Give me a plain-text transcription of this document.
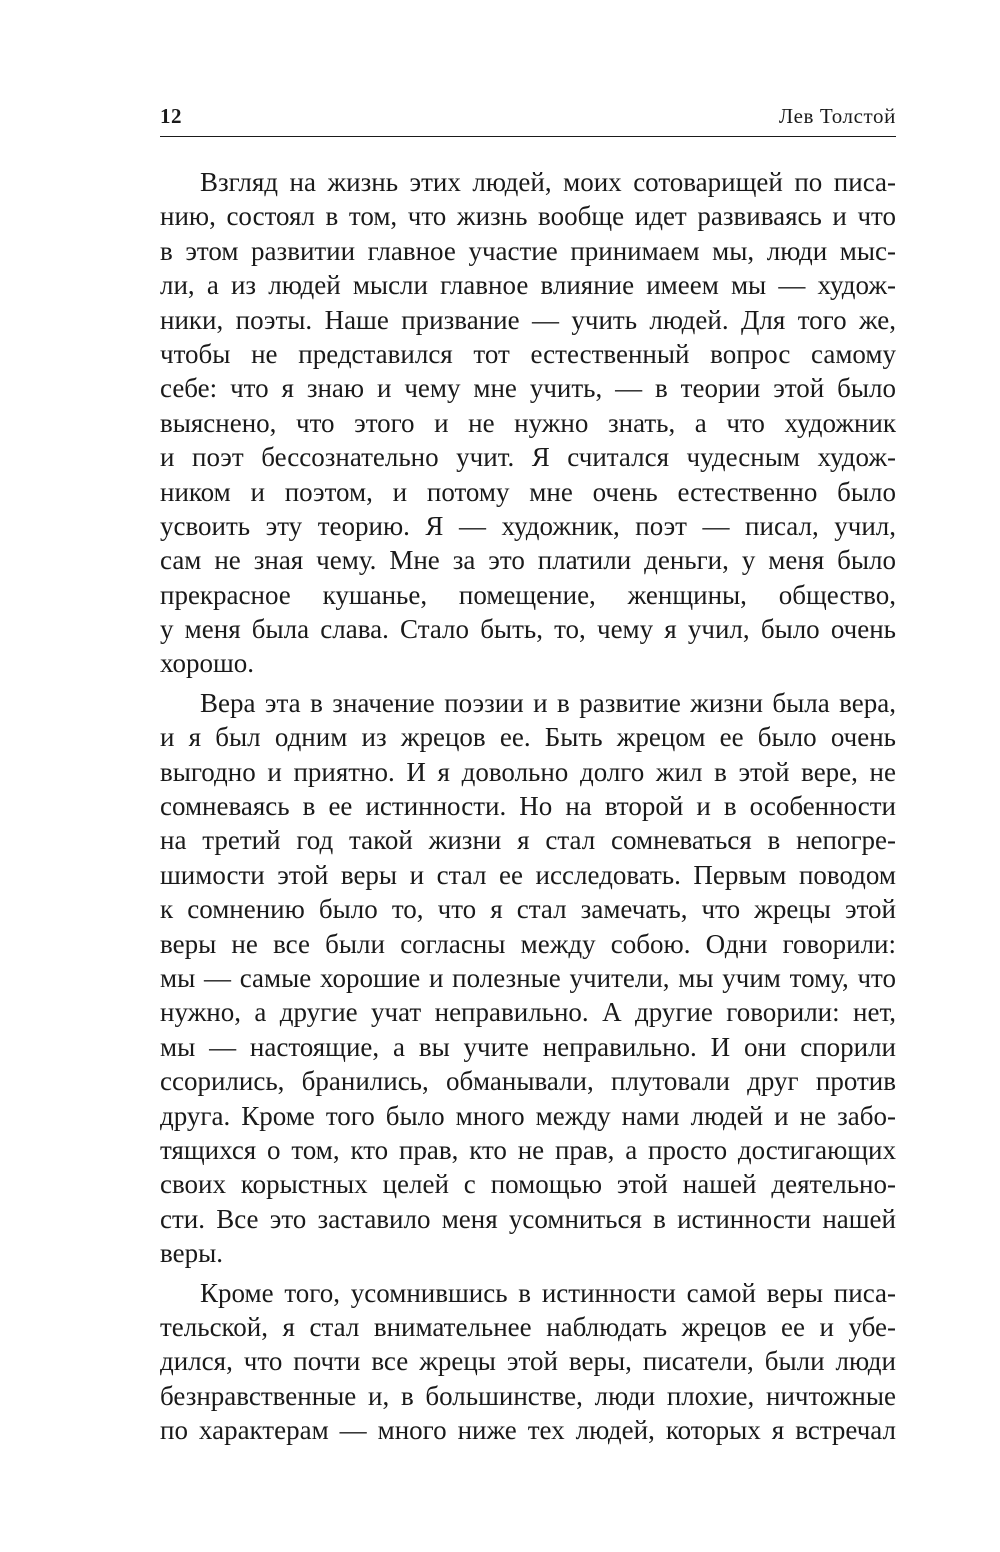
12	Лев Толстой
Взгляд на жизнь этих людей, моих сотоварищей по писа-
нию, состоял в том, что жизнь вообще идет развиваясь и что
в этом развитии главное участие принимаем мы, люди мыс-
ли, а из людей мысли главное влияние имеем мы — худож-
ники, поэты. Наше призвание — учить людей. Для того же,
чтобы не представился тот естественный вопрос самому
себе: что я знаю и чему мне учить, — в теории этой было
выяснено, что этого и не нужно знать, а что художник
и поэт бессознательно учит. Я считался чудесным худож-
ником и поэтом, и потому мне очень естественно было
усвоить эту теорию. Я — художник, поэт — писал, учил,
сам не зная чему. Мне за это платили деньги, у меня было
прекрасное кушанье, помещение, женщины, общество,
у меня была слава. Стало быть, то, чему я учил, было очень
хорошо.
Вера эта в значение поэзии и в развитие жизни была вера,
и я был одним из жрецов ее. Быть жрецом ее было очень
выгодно и приятно. И я довольно долго жил в этой вере, не
сомневаясь в ее истинности. Но на второй и в особенности
на третий год такой жизни я стал сомневаться в непогре-
шимости этой веры и стал ее исследовать. Первым поводом
к сомнению было то, что я стал замечать, что жрецы этой
веры не все были согласны между собою. Одни говорили:
мы — самые хорошие и полезные учители, мы учим тому, что
нужно, а другие учат неправильно. А другие говорили: нет,
мы — настоящие, а вы учите неправильно. И они спорили
ссорились, бранились, обманывали, плутовали друг против
друга. Кроме того было много между нами людей и не забо-
тящихся о том, кто прав, кто не прав, а просто достигающих
своих корыстных целей с помощью этой нашей деятельно-
сти. Все это заставило меня усомниться в истинности нашей
веры.
Кроме того, усомнившись в истинности самой веры писа-
тельской, я стал внимательнее наблюдать жрецов ее и убе-
дился, что почти все жрецы этой веры, писатели, были люди
безнравственные и, в большинстве, люди плохие, ничтожные
по характерам — много ниже тех людей, которых я встречал
